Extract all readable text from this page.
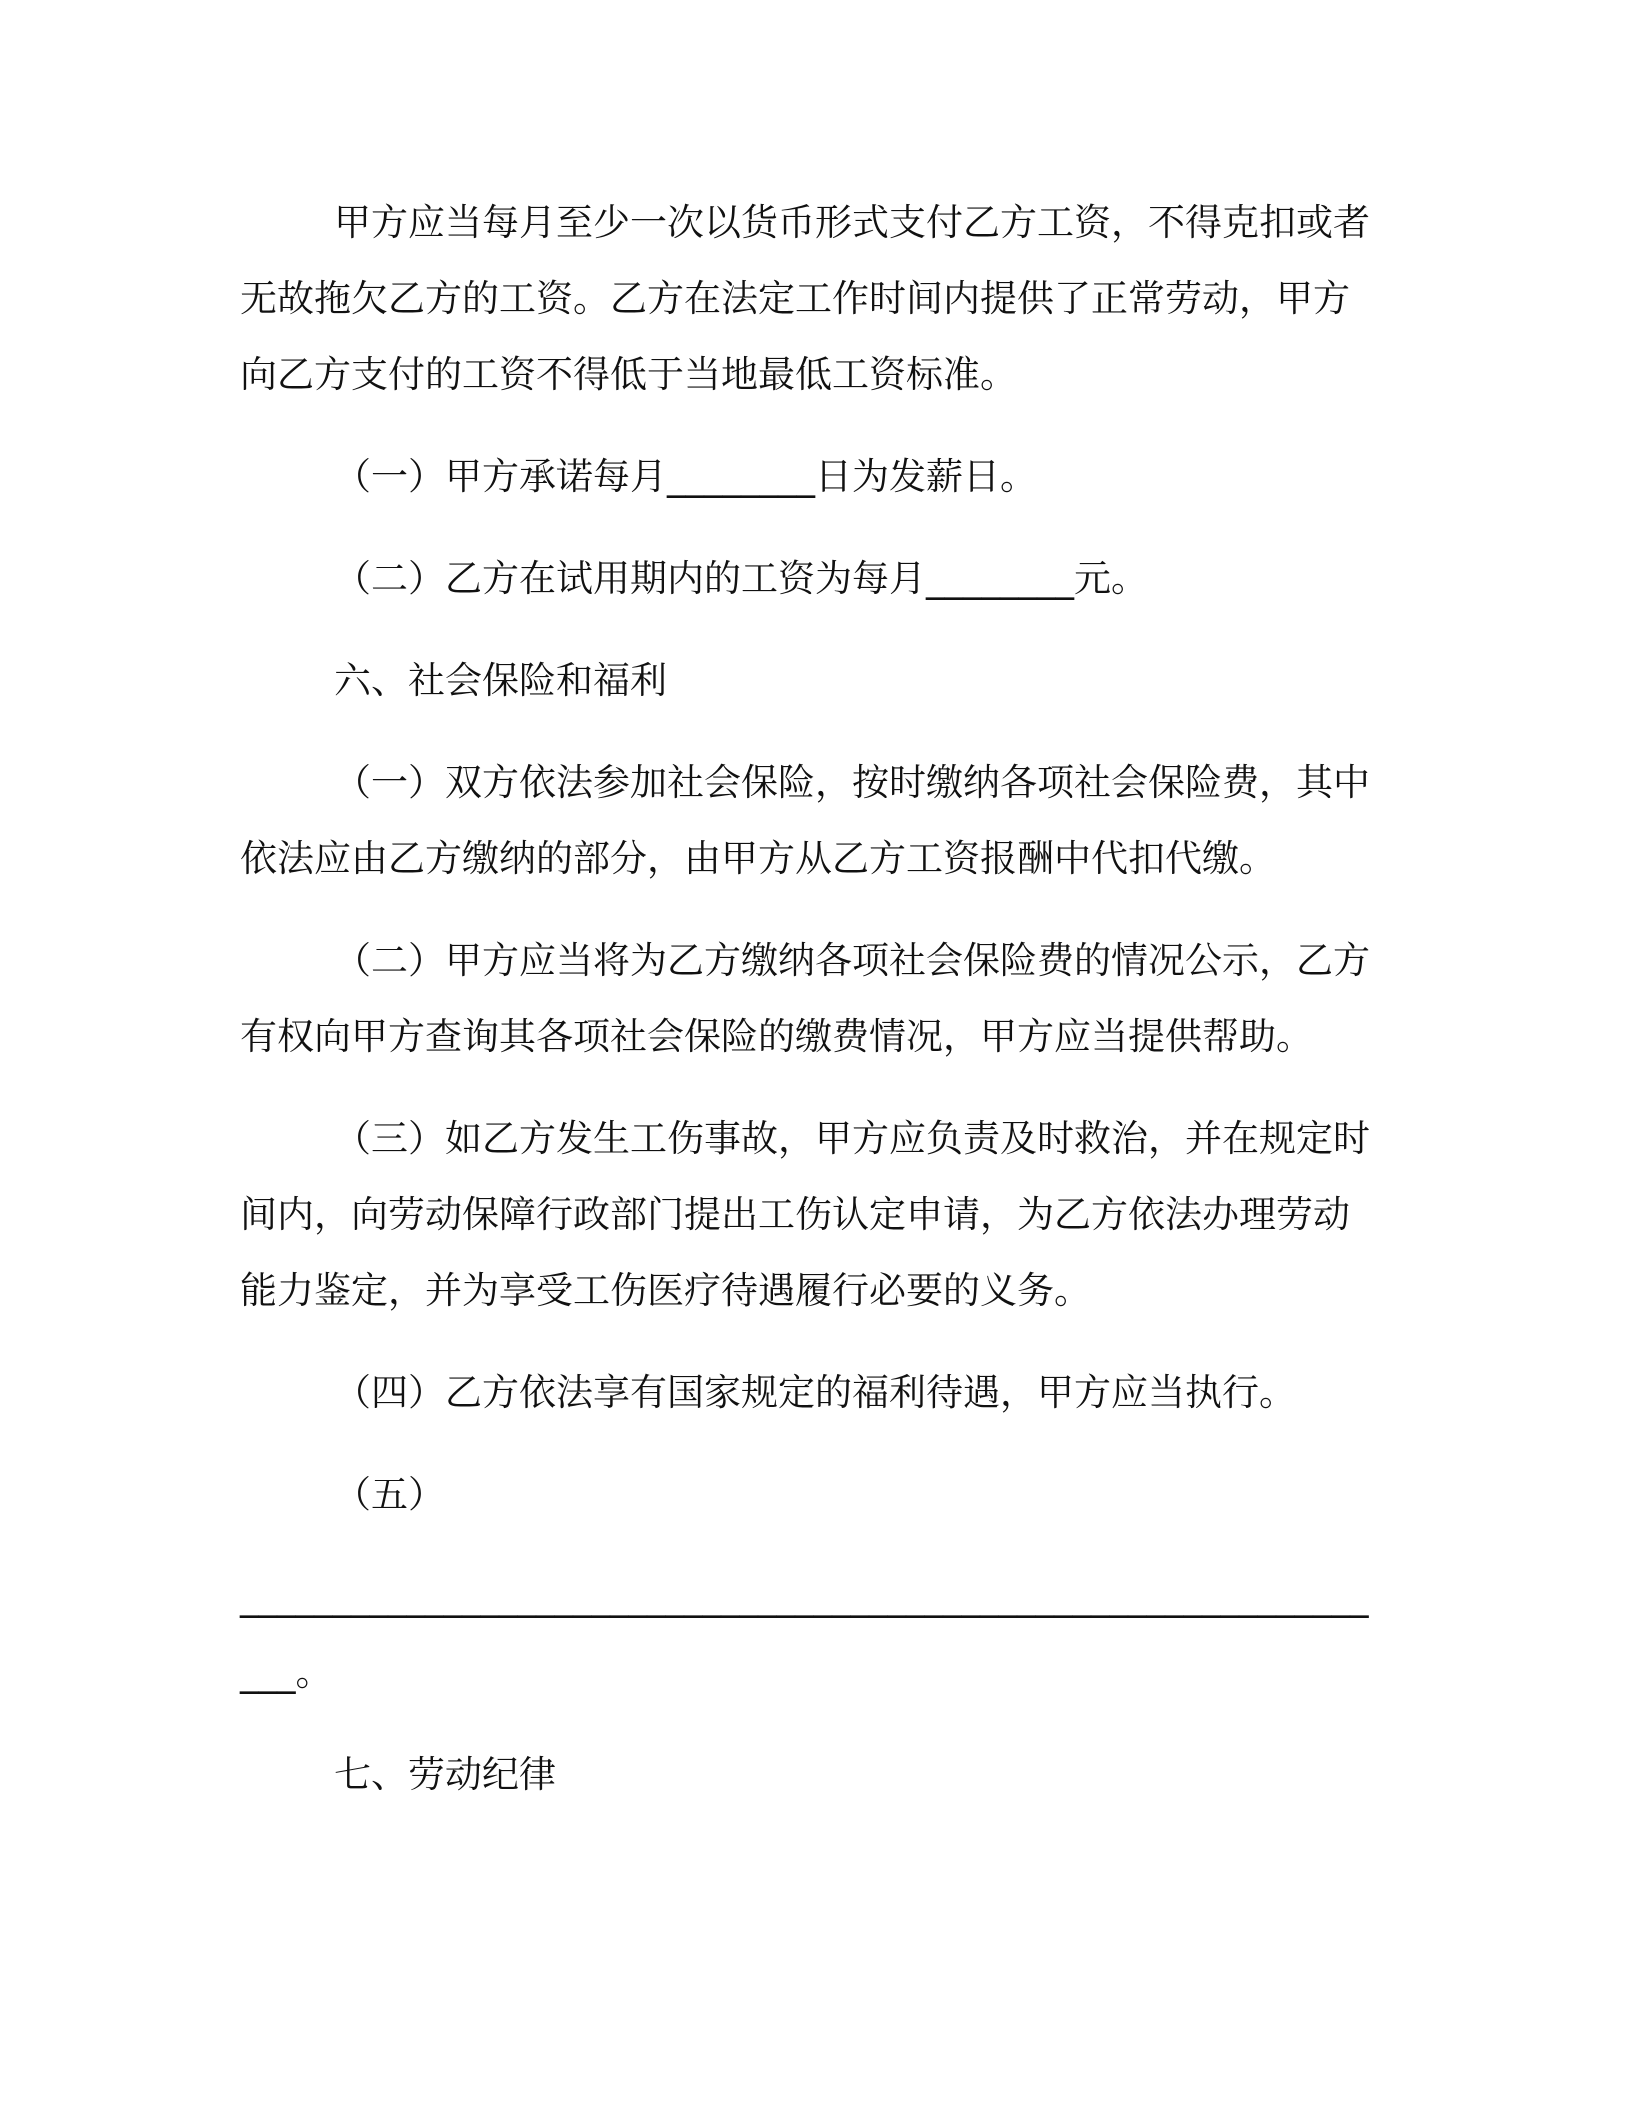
甲方应当每月至少一次以货币形式支付乙方工资，不得克扣或者无故拖欠乙方的工资。乙方在法定工作时间内提供了正常劳动，甲方向乙方支付的工资不得低于当地最低工资标准。

（一）甲方承诺每月________日为发薪日。

（二）乙方在试用期内的工资为每月________元。

六、社会保险和福利

（一）双方依法参加社会保险，按时缴纳各项社会保险费，其中依法应由乙方缴纳的部分，由甲方从乙方工资报酬中代扣代缴。

（二）甲方应当将为乙方缴纳各项社会保险费的情况公示，乙方有权向甲方查询其各项社会保险的缴费情况，甲方应当提供帮助。

（三）如乙方发生工伤事故，甲方应负责及时救治，并在规定时间内，向劳动保障行政部门提出工伤认定申请，为乙方依法办理劳动能力鉴定，并为享受工伤医疗待遇履行必要的义务。

（四）乙方依法享有国家规定的福利待遇，甲方应当执行。

（五）

________________________________________________________________。

七、劳动纪律
